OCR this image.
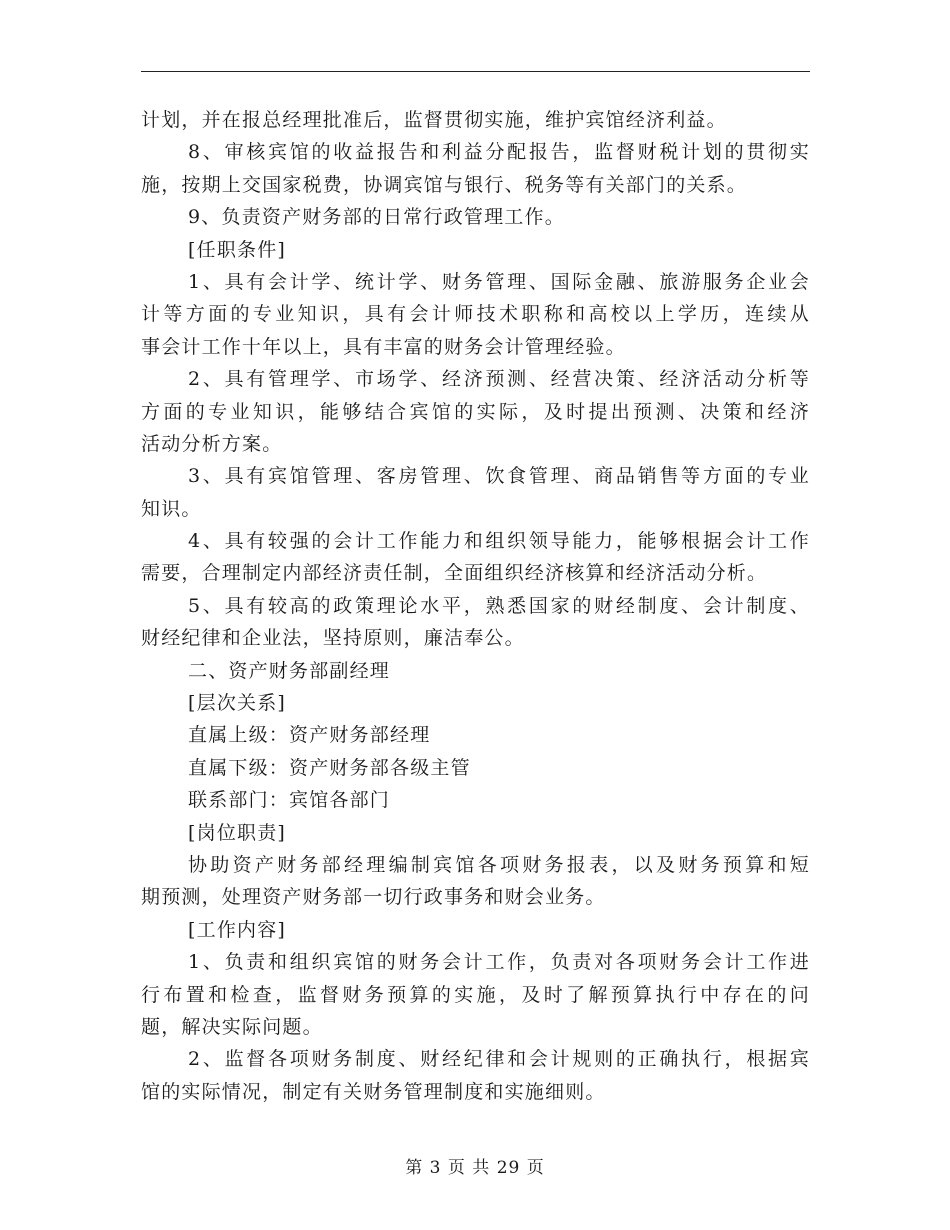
计划，并在报总经理批准后，监督贯彻实施，维护宾馆经济利益。
8、审核宾馆的收益报告和利益分配报告，监督财税计划的贯彻实
施，按期上交国家税费，协调宾馆与银行、税务等有关部门的关系。
9、负责资产财务部的日常行政管理工作。
[任职条件]
1、具有会计学、统计学、财务管理、国际金融、旅游服务企业会
计等方面的专业知识，具有会计师技术职称和高校以上学历，连续从
事会计工作十年以上，具有丰富的财务会计管理经验。
2、具有管理学、市场学、经济预测、经营决策、经济活动分析等
方面的专业知识，能够结合宾馆的实际，及时提出预测、决策和经济
活动分析方案。
3、具有宾馆管理、客房管理、饮食管理、商品销售等方面的专业
知识。
4、具有较强的会计工作能力和组织领导能力，能够根据会计工作
需要，合理制定内部经济责任制，全面组织经济核算和经济活动分析。
5、具有较高的政策理论水平，熟悉国家的财经制度、会计制度、
财经纪律和企业法，坚持原则，廉洁奉公。
二、资产财务部副经理
[层次关系]
直属上级：资产财务部经理
直属下级：资产财务部各级主管
联系部门：宾馆各部门
[岗位职责]
协助资产财务部经理编制宾馆各项财务报表，以及财务预算和短
期预测，处理资产财务部一切行政事务和财会业务。
[工作内容]
1、负责和组织宾馆的财务会计工作，负责对各项财务会计工作进
行布置和检查，监督财务预算的实施，及时了解预算执行中存在的问
题，解决实际问题。
2、监督各项财务制度、财经纪律和会计规则的正确执行，根据宾
馆的实际情况，制定有关财务管理制度和实施细则。
第 3 页 共 29 页
